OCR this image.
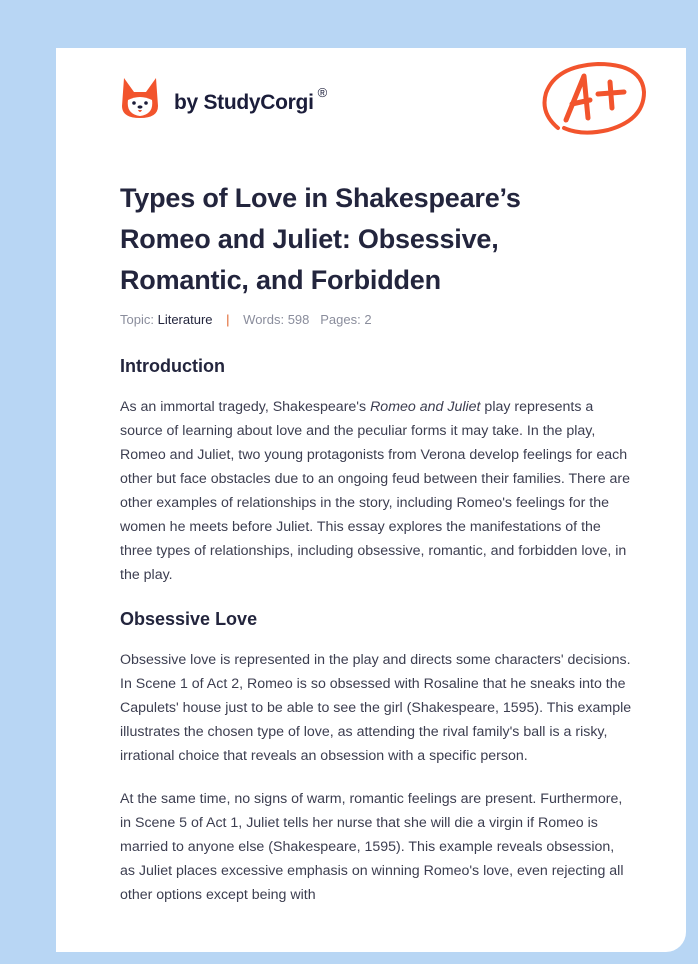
by StudyCorgi ®
Types of Love in Shakespeare’s Romeo and Juliet: Obsessive, Romantic, and Forbidden
Topic: Literature | Words: 598 Pages: 2
Introduction

As an immortal tragedy, Shakespeare's Romeo and Juliet play represents a source of learning about love and the peculiar forms it may take. In the play, Romeo and Juliet, two young protagonists from Verona develop feelings for each other but face obstacles due to an ongoing feud between their families. There are other examples of relationships in the story, including Romeo's feelings for the women he meets before Juliet. This essay explores the manifestations of the three types of relationships, including obsessive, romantic, and forbidden love, in the play.

Obsessive Love

Obsessive love is represented in the play and directs some characters' decisions. In Scene 1 of Act 2, Romeo is so obsessed with Rosaline that he sneaks into the Capulets' house just to be able to see the girl (Shakespeare, 1595). This example illustrates the chosen type of love, as attending the rival family's ball is a risky, irrational choice that reveals an obsession with a specific person.

At the same time, no signs of warm, romantic feelings are present. Furthermore, in Scene 5 of Act 1, Juliet tells her nurse that she will die a virgin if Romeo is married to anyone else (Shakespeare, 1595). This example reveals obsession, as Juliet places excessive emphasis on winning Romeo's love, even rejecting all other options except being with
